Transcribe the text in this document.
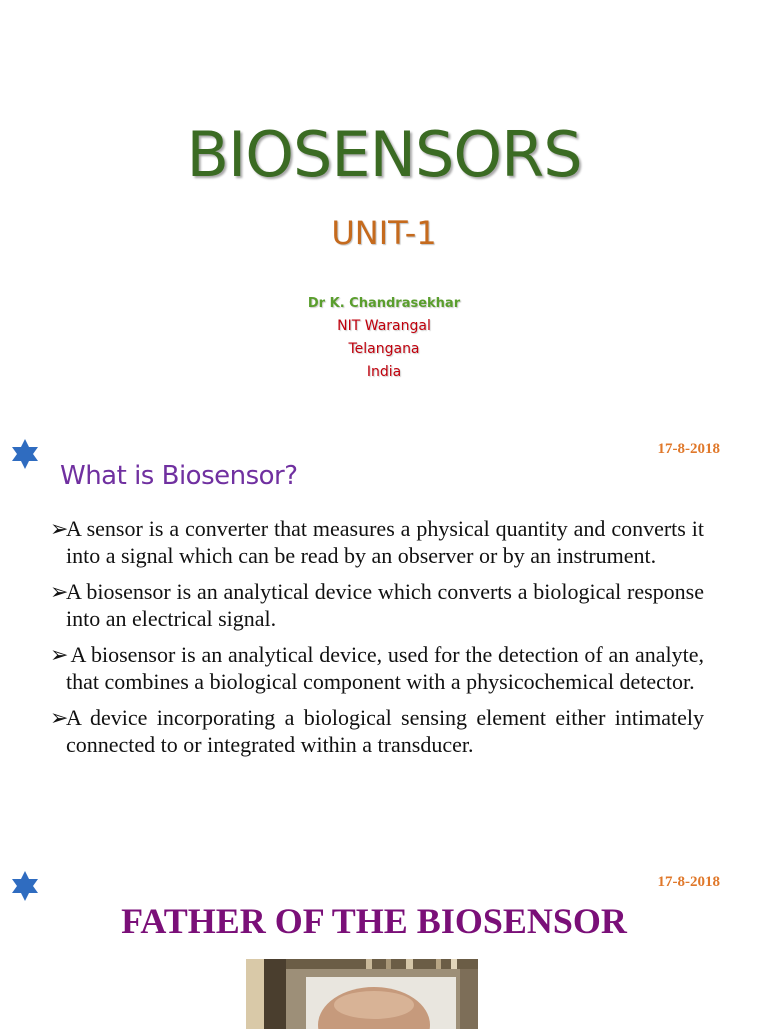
BIOSENSORS
UNIT-1
Dr K. Chandrasekhar
NIT Warangal
Telangana
India
17-8-2018
What is Biosensor?
➢A sensor is a converter that measures a physical quantity and converts it into a signal which can be read by an observer or by an instrument.
➢A biosensor is an analytical device which converts a biological response into an electrical signal.
➢ A biosensor is an analytical device, used for the detection of an analyte, that combines a biological component with a physicochemical detector.
➢A device incorporating a biological sensing element either intimately connected to or integrated within a transducer.
17-8-2018
FATHER OF THE BIOSENSOR
